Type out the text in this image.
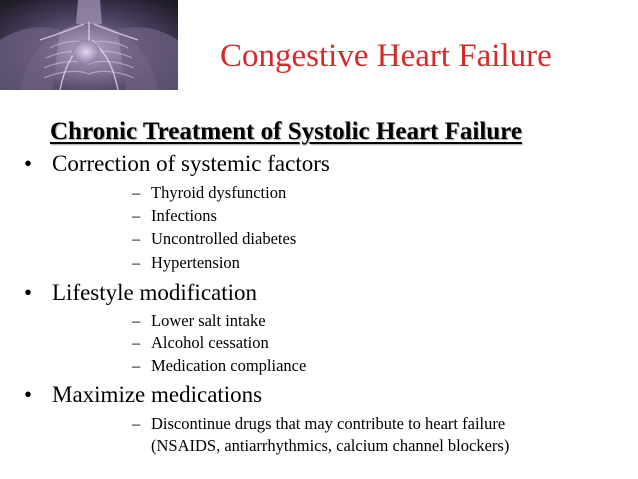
Congestive Heart Failure
Chronic Treatment of Systolic Heart Failure
• Correction of systemic factors
– Thyroid dysfunction
– Infections
– Uncontrolled diabetes
– Hypertension
• Lifestyle modification
– Lower salt intake
– Alcohol cessation
– Medication compliance
• Maximize medications
– Discontinue drugs that may contribute to heart failure
(NSAIDS, antiarrhythmics, calcium channel blockers)
